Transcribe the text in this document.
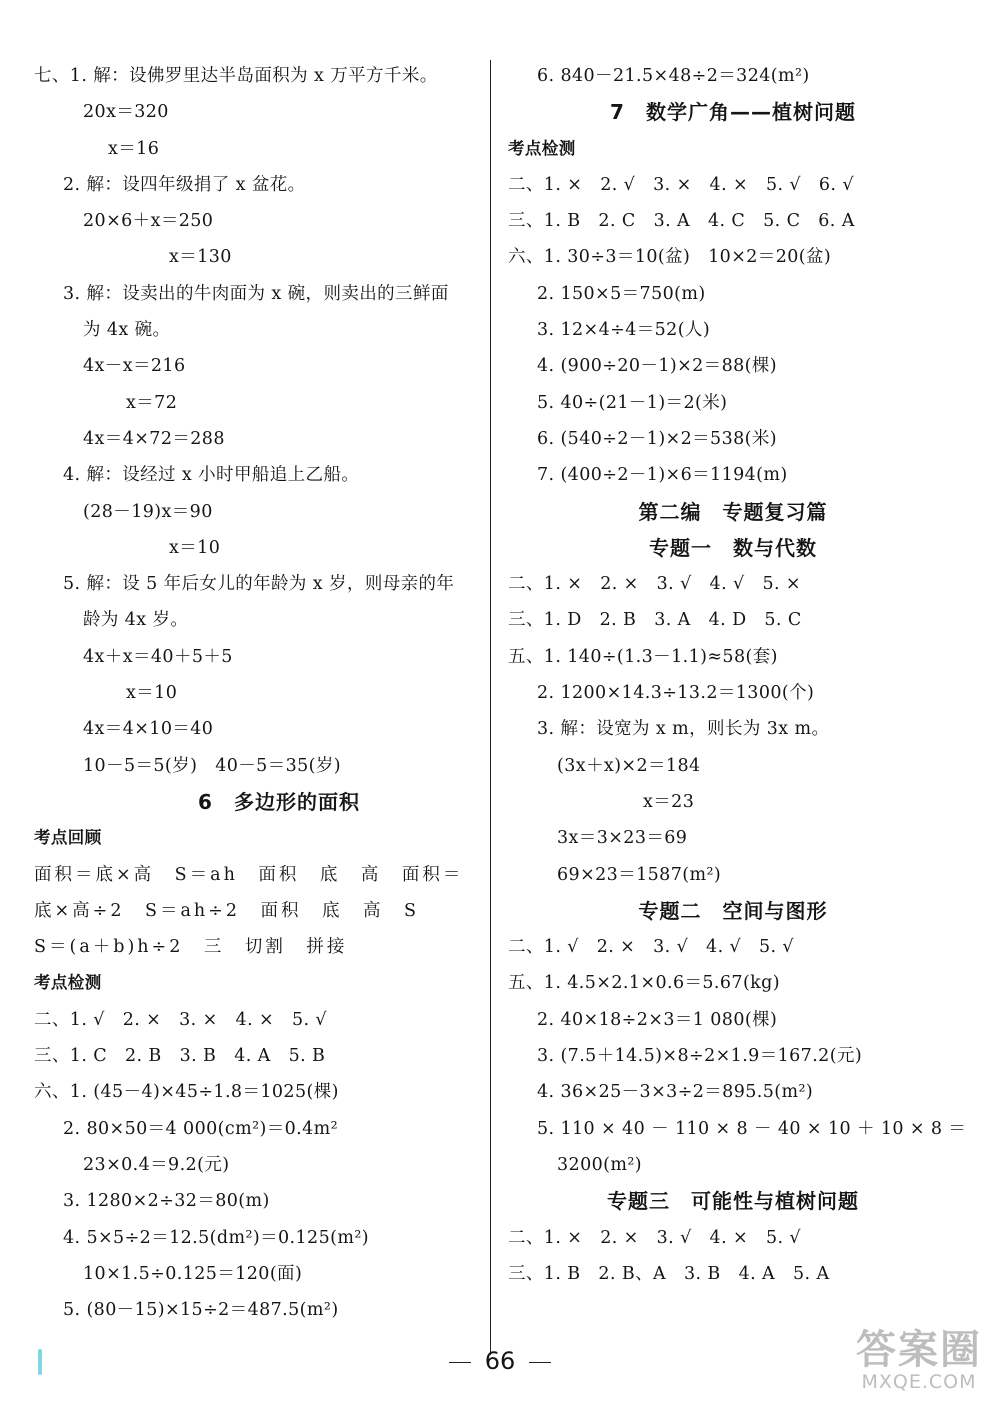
七、1. 解：设佛罗里达半岛面积为 x 万平方千米。
20x＝320
x＝16
2. 解：设四年级捐了 x 盆花。
20×6＋x＝250
x＝130
3. 解：设卖出的牛肉面为 x 碗，则卖出的三鲜面
为 4x 碗。
4x－x＝216
x＝72
4x＝4×72＝288
4. 解：设经过 x 小时甲船追上乙船。
(28－19)x＝90
x＝10
5. 解：设 5 年后女儿的年龄为 x 岁，则母亲的年
龄为 4x 岁。
4x＋x＝40＋5＋5
x＝10
4x＝4×10＝40
10－5＝5(岁)　40－5＝35(岁)
6　多边形的面积
考点回顾
面积＝底×高　S＝ah　面积　底　高　面积＝
底×高÷2　S＝ah÷2　面积　底　高　S
S＝(a＋b)h÷2　三　切割　拼接
考点检测
二、1. √　2. ×　3. ×　4. ×　5. √
三、1. C　2. B　3. B　4. A　5. B
六、1. (45－4)×45÷1.8＝1025(棵)
2. 80×50＝4 000(cm²)＝0.4m²
23×0.4＝9.2(元)
3. 1280×2÷32＝80(m)
4. 5×5÷2＝12.5(dm²)＝0.125(m²)
10×1.5÷0.125＝120(面)
5. (80－15)×15÷2＝487.5(m²)
6. 840－21.5×48÷2＝324(m²)
7　数学广角——植树问题
考点检测
二、1. ×　2. √　3. ×　4. ×　5. √　6. √
三、1. B　2. C　3. A　4. C　5. C　6. A
六、1. 30÷3＝10(盆)　10×2＝20(盆)
2. 150×5＝750(m)
3. 12×4÷4＝52(人)
4. (900÷20－1)×2＝88(棵)
5. 40÷(21－1)＝2(米)
6. (540÷2－1)×2＝538(米)
7. (400÷2－1)×6＝1194(m)
第二编　专题复习篇
专题一　数与代数
二、1. ×　2. ×　3. √　4. √　5. ×
三、1. D　2. B　3. A　4. D　5. C
五、1. 140÷(1.3－1.1)≈58(套)
2. 1200×14.3÷13.2＝1300(个)
3. 解：设宽为 x m，则长为 3x m。
(3x＋x)×2＝184
x＝23
3x＝3×23＝69
69×23＝1587(m²)
专题二　空间与图形
二、1. √　2. ×　3. √　4. √　5. √
五、1. 4.5×2.1×0.6＝5.67(kg)
2. 40×18÷2×3＝1 080(棵)
3. (7.5＋14.5)×8÷2×1.9＝167.2(元)
4. 36×25－3×3÷2＝895.5(m²)
5. 110 × 40 － 110 × 8 － 40 × 10 ＋ 10 × 8 ＝
3200(m²)
专题三　可能性与植树问题
二、1. ×　2. ×　3. √　4. ×　5. √
三、1. B　2. B、A　3. B　4. A　5. A
66	答案圈
MXQE.COM
